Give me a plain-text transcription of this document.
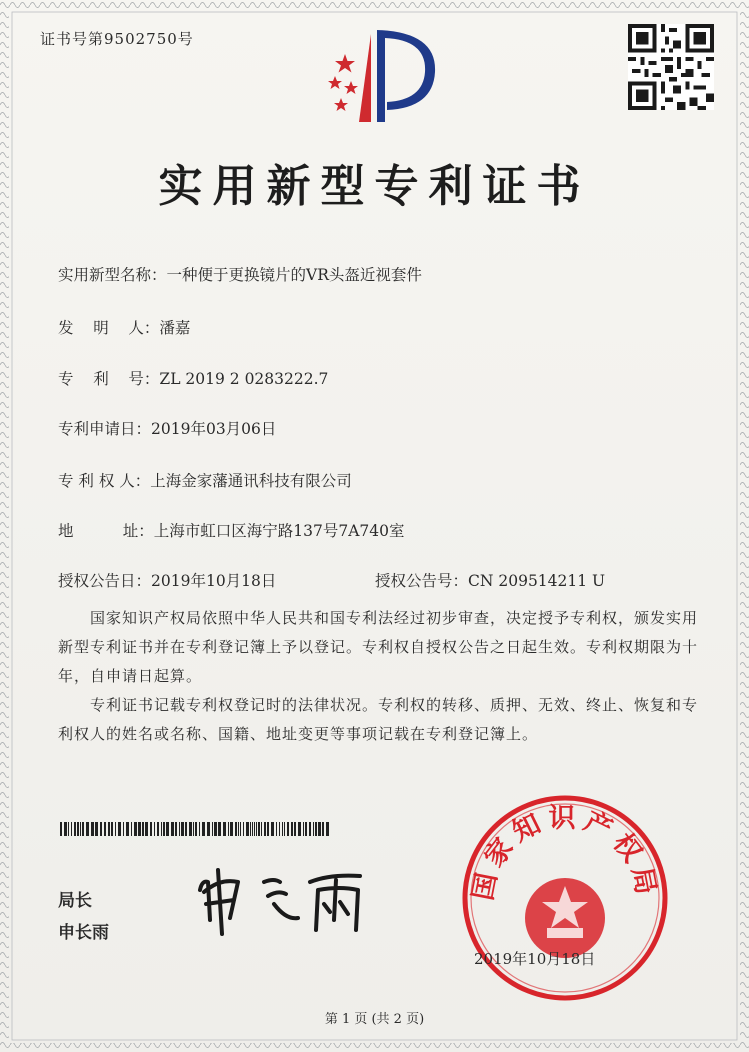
证书号第9502750号
实用新型专利证书
实用新型名称：一种便于更换镜片的VR头盔近视套件
发    明    人：潘嘉
专    利    号：ZL 2019 2 0283222.7
专利申请日：2019年03月06日
专 利 权 人：上海金家藩通讯科技有限公司
地          址：上海市虹口区海宁路137号7A740室
授权公告日：2019年10月18日	授权公告号：CN 209514211 U
国家知识产权局依照中华人民共和国专利法经过初步审查，决定授予专利权，颁发实用新型专利证书并在专利登记簿上予以登记。专利权自授权公告之日起生效。专利权期限为十年，自申请日起算。
专利证书记载专利权登记时的法律状况。专利权的转移、质押、无效、终止、恢复和专利权人的姓名或名称、国籍、地址变更等事项记载在专利登记簿上。
局长
申长雨
国家知识产权局
2019年10月18日
第 1 页 (共 2 页)
